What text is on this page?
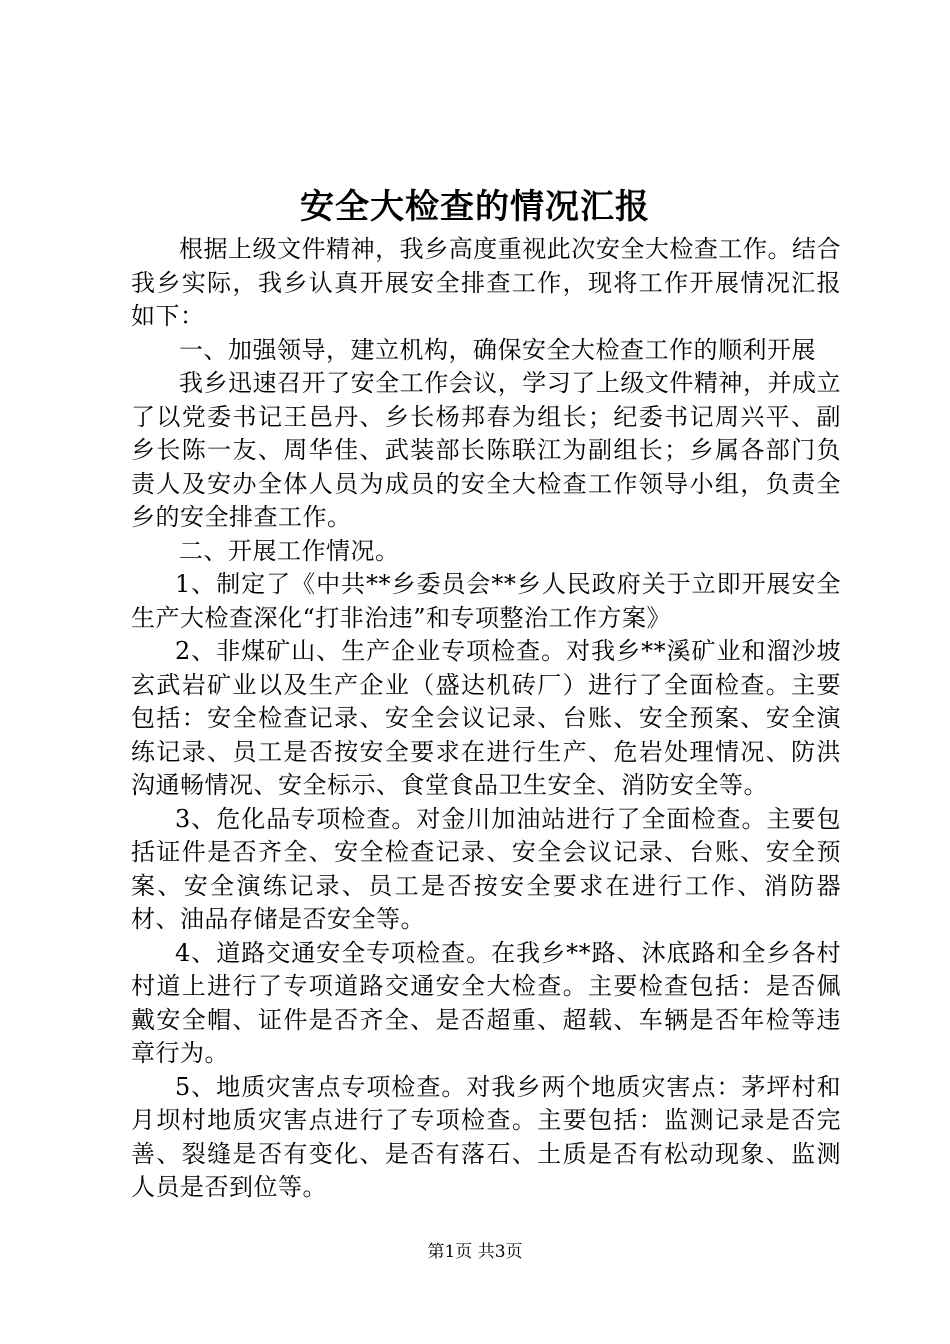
安全大检查的情况汇报

根据上级文件精神，我乡高度重视此次安全大检查工作。结合我乡实际，我乡认真开展安全排查工作，现将工作开展情况汇报如下：

一、加强领导，建立机构，确保安全大检查工作的顺利开展

我乡迅速召开了安全工作会议，学习了上级文件精神，并成立了以党委书记王邑丹、乡长杨邦春为组长；纪委书记周兴平、副乡长陈一友、周华佳、武装部长陈联江为副组长；乡属各部门负责人及安办全体人员为成员的安全大检查工作领导小组，负责全乡的安全排查工作。

二、开展工作情况。

1、制定了《中共**乡委员会**乡人民政府关于立即开展安全生产大检查深化“打非治违”和专项整治工作方案》

2、非煤矿山、生产企业专项检查。对我乡**溪矿业和溜沙坡玄武岩矿业以及生产企业（盛达机砖厂）进行了全面检查。主要包括：安全检查记录、安全会议记录、台账、安全预案、安全演练记录、员工是否按安全要求在进行生产、危岩处理情况、防洪沟通畅情况、安全标示、食堂食品卫生安全、消防安全等。

3、危化品专项检查。对金川加油站进行了全面检查。主要包括证件是否齐全、安全检查记录、安全会议记录、台账、安全预案、安全演练记录、员工是否按安全要求在进行工作、消防器材、油品存储是否安全等。

4、道路交通安全专项检查。在我乡**路、沐底路和全乡各村村道上进行了专项道路交通安全大检查。主要检查包括：是否佩戴安全帽、证件是否齐全、是否超重、超载、车辆是否年检等违章行为。

5、地质灾害点专项检查。对我乡两个地质灾害点：茅坪村和月坝村地质灾害点进行了专项检查。主要包括：监测记录是否完善、裂缝是否有变化、是否有落石、土质是否有松动现象、监测人员是否到位等。

第1页 共3页
